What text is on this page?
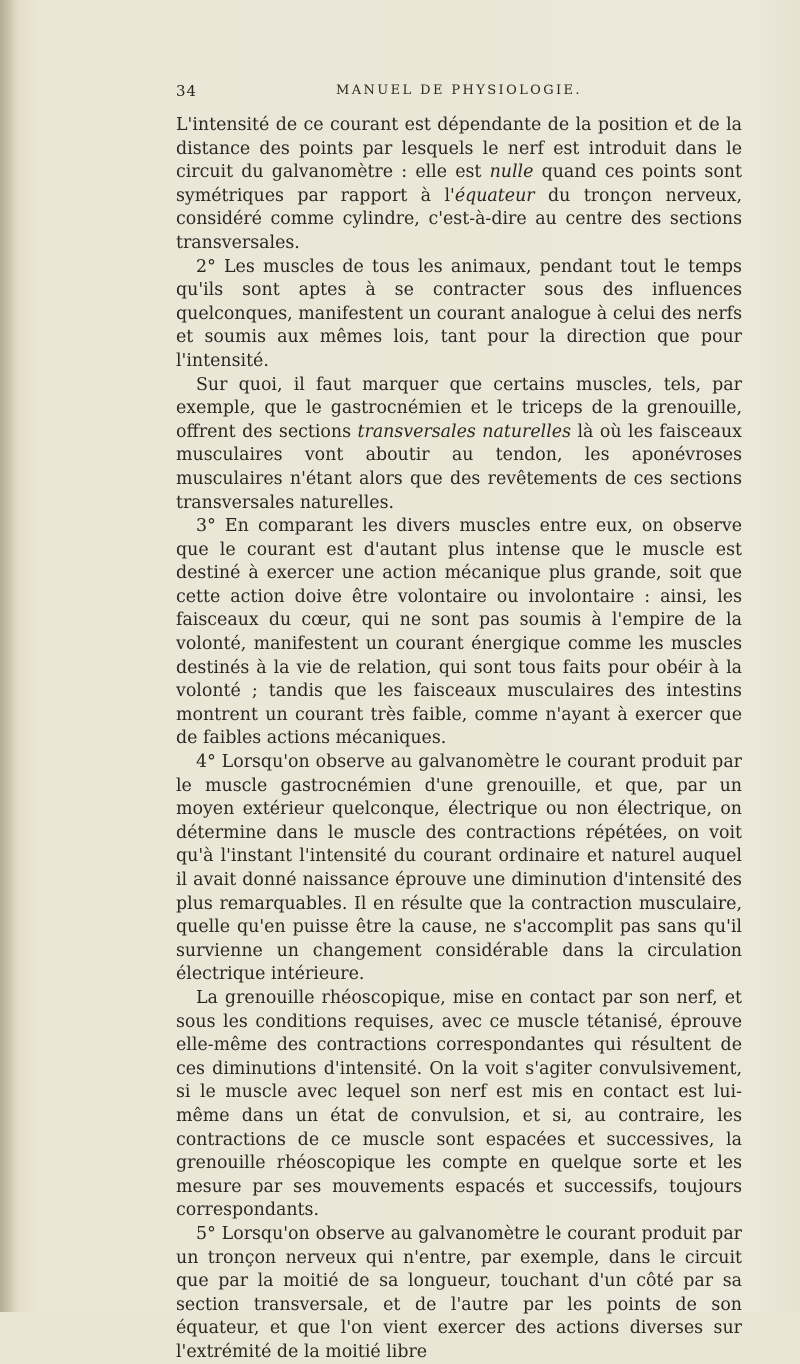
34	MANUEL DE PHYSIOLOGIE.

L'intensité de ce courant est dépendante de la position et de la distance des points par lesquels le nerf est introduit dans le circuit du galvanomètre : elle est nulle quand ces points sont symétriques par rapport à l'équateur du tronçon nerveux, considéré comme cylindre, c'est-à-dire au centre des sections transversales.

2° Les muscles de tous les animaux, pendant tout le temps qu'ils sont aptes à se contracter sous des influences quelconques, manifestent un courant analogue à celui des nerfs et soumis aux mêmes lois, tant pour la direction que pour l'intensité.

Sur quoi, il faut marquer que certains muscles, tels, par exemple, que le gastrocnémien et le triceps de la grenouille, offrent des sections transversales naturelles là où les faisceaux musculaires vont aboutir au tendon, les aponévroses musculaires n'étant alors que des revêtements de ces sections transversales naturelles.

3° En comparant les divers muscles entre eux, on observe que le courant est d'autant plus intense que le muscle est destiné à exercer une action mécanique plus grande, soit que cette action doive être volontaire ou involontaire : ainsi, les faisceaux du cœur, qui ne sont pas soumis à l'empire de la volonté, manifestent un courant énergique comme les muscles destinés à la vie de relation, qui sont tous faits pour obéir à la volonté ; tandis que les faisceaux musculaires des intestins montrent un courant très faible, comme n'ayant à exercer que de faibles actions mécaniques.

4° Lorsqu'on observe au galvanomètre le courant produit par le muscle gastrocnémien d'une grenouille, et que, par un moyen extérieur quelconque, électrique ou non électrique, on détermine dans le muscle des contractions répétées, on voit qu'à l'instant l'intensité du courant ordinaire et naturel auquel il avait donné naissance éprouve une diminution d'intensité des plus remarquables. Il en résulte que la contraction musculaire, quelle qu'en puisse être la cause, ne s'accomplit pas sans qu'il survienne un changement considérable dans la circulation électrique intérieure.

La grenouille rhéoscopique, mise en contact par son nerf, et sous les conditions requises, avec ce muscle tétanisé, éprouve elle-même des contractions correspondantes qui résultent de ces diminutions d'intensité. On la voit s'agiter convulsivement, si le muscle avec lequel son nerf est mis en contact est lui-même dans un état de convulsion, et si, au contraire, les contractions de ce muscle sont espacées et successives, la grenouille rhéoscopique les compte en quelque sorte et les mesure par ses mouvements espacés et successifs, toujours correspondants.

5° Lorsqu'on observe au galvanomètre le courant produit par un tronçon nerveux qui n'entre, par exemple, dans le circuit que par la moitié de sa longueur, touchant d'un côté par sa section transversale, et de l'autre par les points de son équateur, et que l'on vient exercer des actions diverses sur l'extrémité de la moitié libre
